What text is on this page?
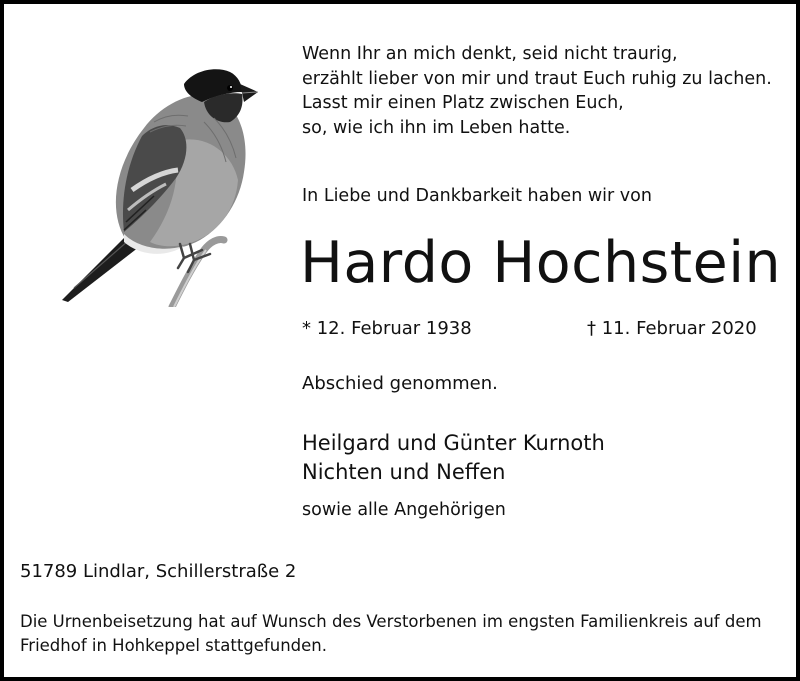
Wenn Ihr an mich denkt, seid nicht traurig,
erzählt lieber von mir und traut Euch ruhig zu lachen.
Lasst mir einen Platz zwischen Euch,
so, wie ich ihn im Leben hatte.
In Liebe und Dankbarkeit haben wir von
Hardo Hochstein
* 12. Februar 1938	† 11. Februar 2020
Abschied genommen.
Heilgard und Günter Kurnoth
Nichten und Neffen
sowie alle Angehörigen
51789 Lindlar, Schillerstraße 2

Die Urnenbeisetzung hat auf Wunsch des Verstorbenen im engsten Familienkreis auf dem Friedhof in Hohkeppel stattgefunden.
